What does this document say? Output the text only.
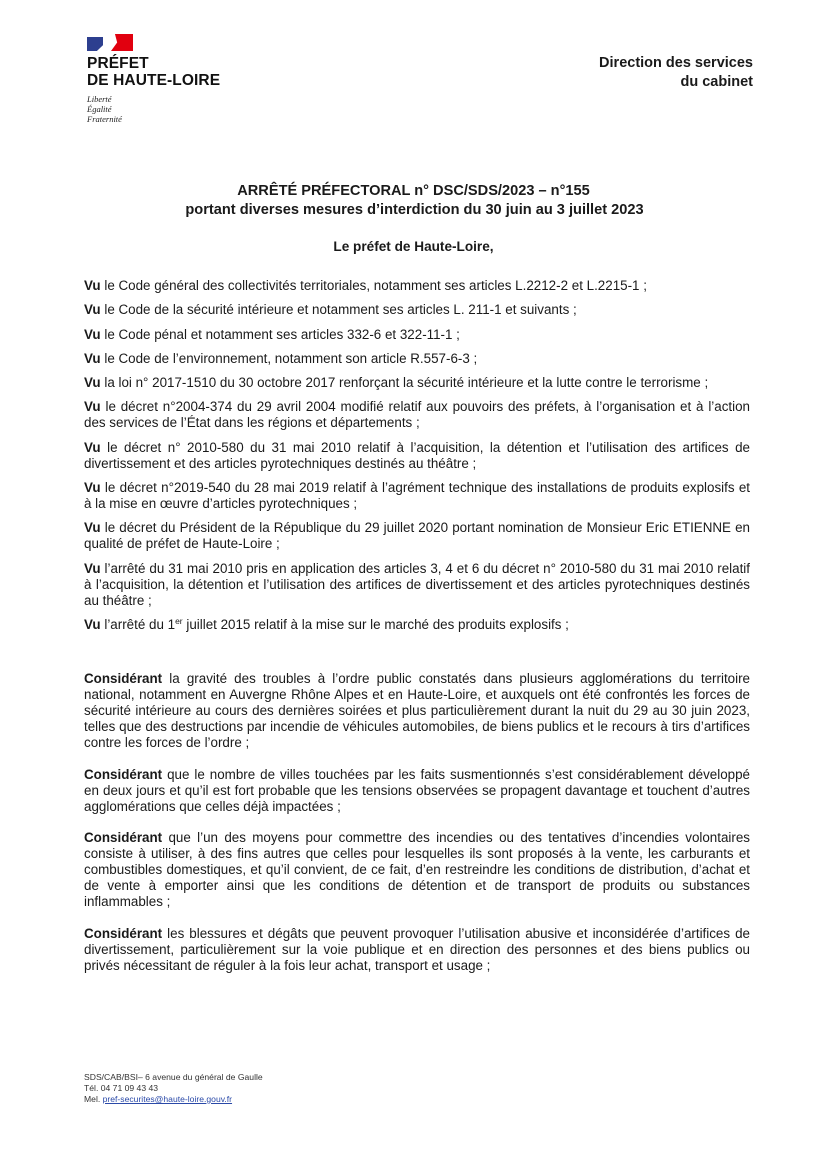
PRÉFET
DE HAUTE-LOIRE
Liberté
Égalité
Fraternité
Direction des services
du cabinet
ARRÊTÉ PRÉFECTORAL n° DSC/SDS/2023 – n°155
portant diverses mesures d’interdiction du 30 juin au 3 juillet 2023
Le préfet de Haute-Loire,

Vu le Code général des collectivités territoriales, notamment ses articles L.2212-2 et L.2215-1 ;

Vu le Code de la sécurité intérieure et notamment ses articles L. 211-1 et suivants ;

Vu le Code pénal et notamment ses articles 332-6 et 322-11-1 ;

Vu le Code de l’environnement, notamment son article R.557-6-3 ;

Vu la loi n° 2017-1510 du 30 octobre 2017 renforçant la sécurité intérieure et la lutte contre le terrorisme ;

Vu le décret n°2004-374 du 29 avril 2004 modifié relatif aux pouvoirs des préfets, à l’organisation et à l’action des services de l’État dans les régions et départements ;

Vu le décret n° 2010-580 du 31 mai 2010 relatif à l’acquisition, la détention et l’utilisation des artifices de divertissement et des articles pyrotechniques destinés au théâtre ;

Vu le décret n°2019-540 du 28 mai 2019 relatif à l’agrément technique des installations de produits explosifs et à la mise en œuvre d’articles pyrotechniques ;

Vu le décret du Président de la République du 29 juillet 2020 portant nomination de Monsieur Eric ETIENNE en qualité de préfet de Haute-Loire ;

Vu l’arrêté du 31 mai 2010 pris en application des articles 3, 4 et 6 du décret n° 2010-580 du 31 mai 2010 relatif à l’acquisition, la détention et l’utilisation des artifices de divertissement et des articles pyrotechniques destinés au théâtre ;

Vu l’arrêté du 1er juillet 2015 relatif à la mise sur le marché des produits explosifs ;

Considérant la gravité des troubles à l’ordre public constatés dans plusieurs agglomérations du territoire national, notamment en Auvergne Rhône Alpes et en Haute-Loire, et auxquels ont été confrontés les forces de sécurité intérieure au cours des dernières soirées et plus particulièrement durant la nuit du 29 au 30 juin 2023, telles que des destructions par incendie de véhicules automobiles, de biens publics et le recours à tirs d’artifices contre les forces de l’ordre ;

Considérant que le nombre de villes touchées par les faits susmentionnés s’est considérablement développé en deux jours et qu’il est fort probable que les tensions observées se propagent davantage et touchent d’autres agglomérations que celles déjà impactées ;

Considérant que l’un des moyens pour commettre des incendies ou des tentatives d’incendies volontaires consiste à utiliser, à des fins autres que celles pour lesquelles ils sont proposés à la vente, les carburants et combustibles domestiques, et qu’il convient, de ce fait, d’en restreindre les conditions de distribution, d’achat et de vente à emporter ainsi que les conditions de détention et de transport de produits ou substances inflammables ;

Considérant les blessures et dégâts que peuvent provoquer l’utilisation abusive et inconsidérée d’artifices de divertissement, particulièrement sur la voie publique et en direction des personnes et des biens publics ou privés nécessitant de réguler à la fois leur achat, transport et usage ;

SDS/CAB/BSI– 6 avenue du général de Gaulle
Tél. 04 71 09 43 43
Mel. pref-securites@haute-loire.gouv.fr
